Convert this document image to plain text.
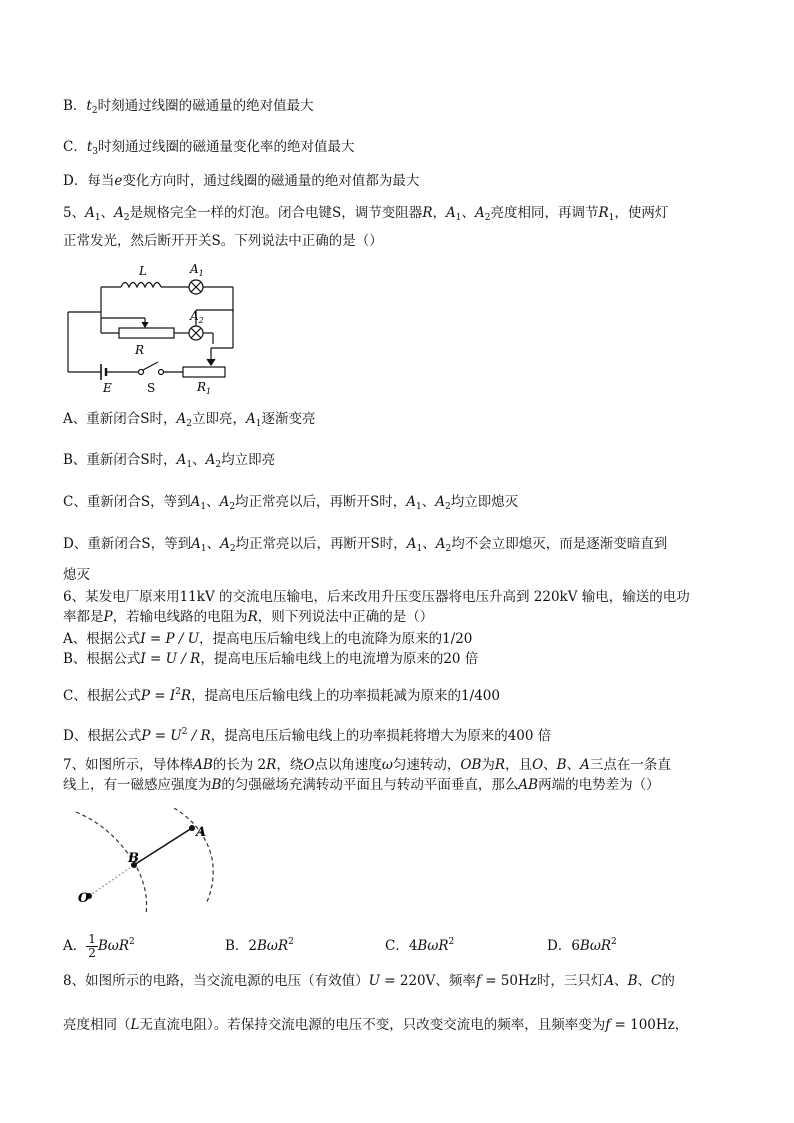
B．$t_2$时刻通过线圈的磁通量的绝对值最大
C．$t_3$时刻通过线圈的磁通量变化率的绝对值最大
D．每当e变化方向时，通过线圈的磁通量的绝对值都为最大
5、$A_1$、$A_2$是规格完全一样的灯泡。闭合电键S，调节变阻器R，$A_1$、$A_2$亮度相同，再调节$R_1$，使两灯
正常发光，然后断开开关S。下列说法中正确的是（）
L	$A_1$
$A_2$
R
E	S	$R_1$
A、重新闭合S时，$A_2$立即亮，$A_1$逐渐变亮
B、重新闭合S时，$A_1$、$A_2$均立即亮
C、重新闭合S，等到$A_1$、$A_2$均正常亮以后，再断开S时，$A_1$、$A_2$均立即熄灭
D、重新闭合S，等到$A_1$、$A_2$均正常亮以后，再断开S时，$A_1$、$A_2$均不会立即熄灭，而是逐渐变暗直到
熄灭
6、某发电厂原来用11kV 的交流电压输电，后来改用升压变压器将电压升高到 220kV 输电，输送的电功
率都是P，若输电线路的电阻为R，则下列说法中正确的是（）
A、根据公式I = P / U，提高电压后输电线上的电流降为原来的1/20
B、根据公式I = U / R，提高电压后输电线上的电流增为原来的20 倍
C、根据公式$P = I^2R$，提高电压后输电线上的功率损耗减为原来的1/400
D、根据公式$P = U^2 / R$，提高电压后输电线上的功率损耗将增大为原来的400 倍
7、如图所示，导体棒AB的长为 2R，绕O点以角速度ω匀速转动，OB为R，且O、B、A三点在一条直
线上，有一磁感应强度为B的匀强磁场充满转动平面且与转动平面垂直，那么AB两端的电势差为（）
A
B
O
A． $\frac{1}{2} B\omega R^2$	B．2BωR$^2$	C．4BωR$^2$	D．6BωR$^2$
8、如图所示的电路，当交流电源的电压（有效值）U = 220V、频率f = 50Hz时，三只灯A、B、C的
亮度相同（L无直流电阻）。若保持交流电源的电压不变，只改变交流电的频率，且频率变为f = 100Hz，
